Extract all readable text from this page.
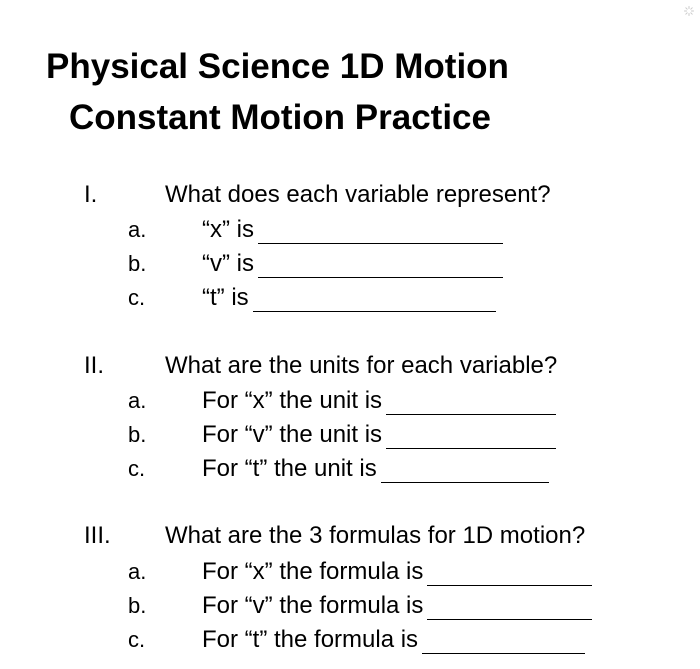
Physical Science 1D Motion
Constant Motion Practice
I.	What does each variable represent?
a. “x” is
b. “v” is
c. “t” is
II.	What are the units for each variable?
a. For “x” the unit is
b. For “v” the unit is
c. For “t” the unit is
III. What are the 3 formulas for 1D motion?
a. For “x” the formula is
b. For “v” the formula is
c. For “t” the formula is
